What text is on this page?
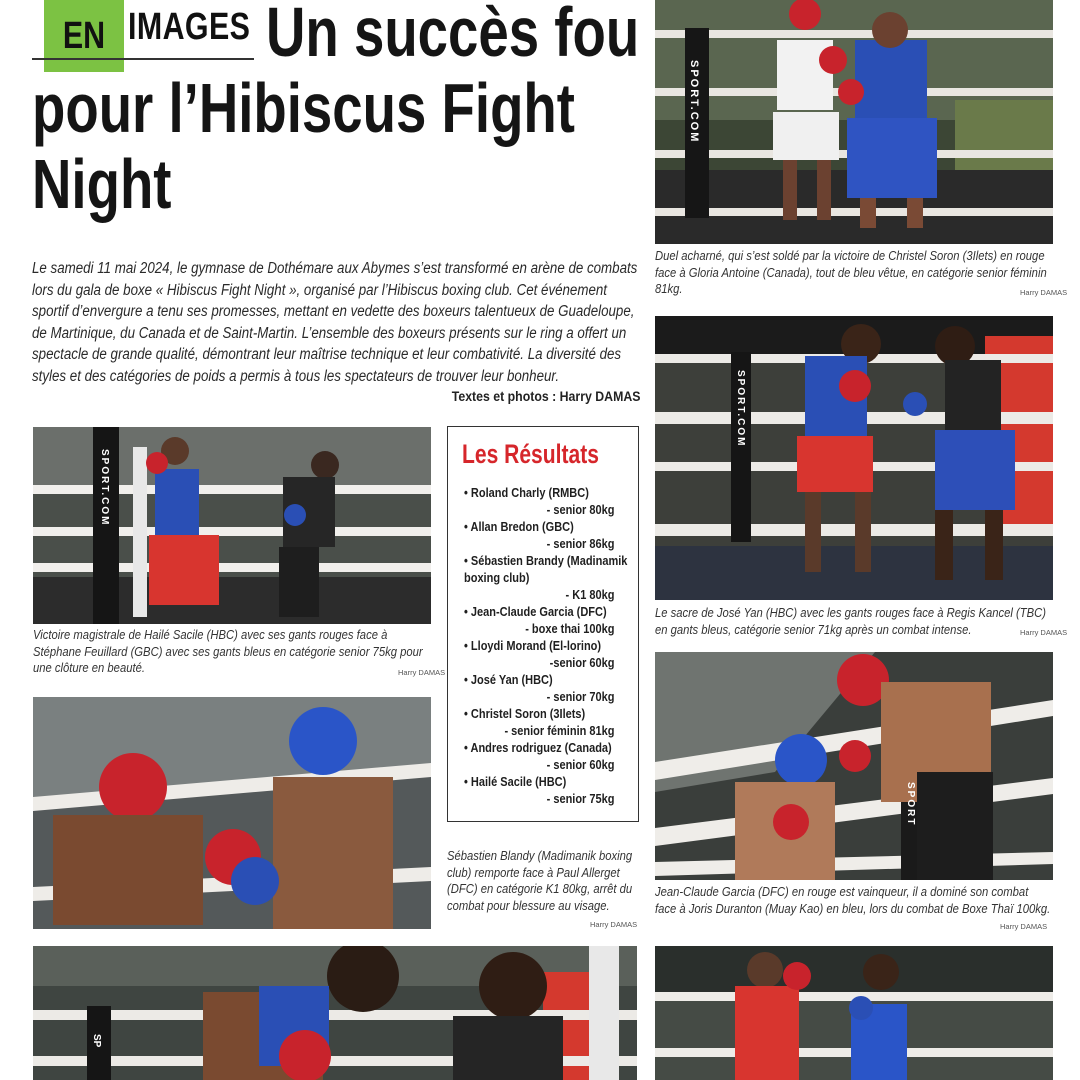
EN IMAGES Un succès fou
pour l’Hibiscus Fight
Night
Le samedi 11 mai 2024, le gymnase de Dothémare aux Abymes s’est transformé en arène de combats lors du gala de boxe « Hibiscus Fight Night », organisé par l’Hibiscus boxing club. Cet événement sportif d’envergure a tenu ses promesses, mettant en vedette des boxeurs talentueux de Guadeloupe, de Martinique, du Canada et de Saint-Martin. L’ensemble des boxeurs présents sur le ring a offert un spectacle de grande qualité, démontrant leur maîtrise technique et leur combativité. La diversité des styles et des catégories de poids a permis à tous les spectateurs de trouver leur bonheur.
Textes et photos : Harry DAMAS
SPORT.COM
Duel acharné, qui s’est soldé par la victoire de Christel Soron (3Ilets) en rouge face à Gloria Antoine (Canada), tout de bleu vêtue, en catégorie senior féminin 81kg.	Harry DAMAS
SPORT.COM
Victoire magistrale de Hailé Sacile (HBC) avec ses gants rouges face à Stéphane Feuillard (GBC) avec ses gants bleus en catégorie senior 75kg pour une clôture en beauté.	Harry DAMAS
Les Résultats
• Roland Charly (RMBC)
- senior 80kg
• Allan Bredon (GBC)
- senior 86kg
• Sébastien Brandy (Madinamik boxing club)
- K1 80kg
• Jean-Claude Garcia (DFC)
- boxe thai 100kg
• Lloydi Morand (El-lorino)
-senior 60kg
• José Yan (HBC)
- senior 70kg
• Christel Soron (3Ilets)
- senior féminin 81kg
• Andres rodriguez (Canada)
- senior 60kg
• Hailé Sacile (HBC)
- senior 75kg
SPORT.COM
Le sacre de José Yan (HBC) avec les gants rouges face à Regis Kancel (TBC) en gants bleus, catégorie senior 71kg après un combat intense.	Harry DAMAS
Sébastien Blandy (Madimanik boxing club) remporte face à Paul Allerget (DFC) en catégorie K1 80kg, arrêt du combat pour blessure au visage.
Harry DAMAS
SPORT
Jean-Claude Garcia (DFC) en rouge est vainqueur, il a dominé son combat face à Joris Duranton (Muay Kao) en bleu, lors du combat de Boxe Thaï 100kg.
Harry DAMAS
SP
